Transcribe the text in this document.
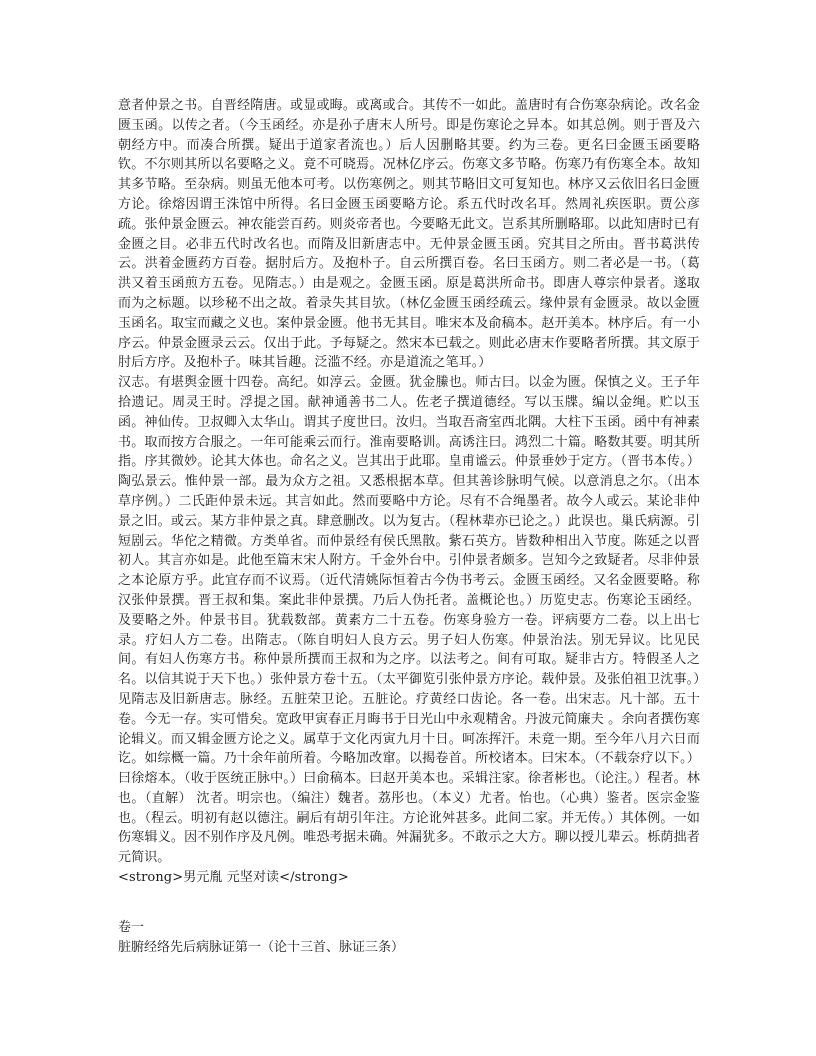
意者仲景之书。自晋经隋唐。或显或晦。或离或合。其传不一如此。盖唐时有合伤寒杂病论。改名金匮玉函。以传之者。（今玉函经。亦是孙子唐末人所号。即是伤寒论之异本。如其总例。则于晋及六朝经方中。而凑合所撰。疑出于道家者流也。）后人因删略其要。约为三卷。更名曰金匮玉函要略钦。不尔则其所以名要略之义。竟不可晓焉。况林亿序云。伤寒文多节略。伤寒乃有伤寒全本。故知其多节略。至杂病。则虽无他本可考。以伤寒例之。则其节略旧文可复知也。林序又云依旧名曰金匮方论。徐熔因谓王洙馆中所得。名曰金匮玉函要略方论。系五代时改名耳。然周礼疾医职。贾公彦疏。张仲景金匮云。神农能尝百药。则炎帝者也。今要略无此文。岂系其所删略耶。以此知唐时已有金匮之目。必非五代时改名也。而隋及旧新唐志中。无仲景金匮玉函。究其目之所由。晋书葛洪传云。洪着金匮药方百卷。据肘后方。及抱朴子。自云所撰百卷。名曰玉函方。则二者必是一书。（葛洪又着玉函煎方五卷。见隋志。）由是观之。金匮玉函。原是葛洪所命书。即唐人尊宗仲景者。遂取而为之标题。以珍秘不出之故。着录失其目欤。（林亿金匮玉函经疏云。缘仲景有金匮录。故以金匮玉函名。取宝而藏之义也。案仲景金匮。他书无其目。唯宋本及俞稿本。赵开美本。林序后。有一小序云。仲景金匮录云云。仅出于此。予每疑之。然宋本已载之。则此必唐末作要略者所撰。其文原于肘后方序。及抱朴子。味其旨趣。泛滥不经。亦是道流之笔耳。）

汉志。有堪舆金匮十四卷。高纪。如淳云。金匮。犹金縢也。师古曰。以金为匮。保慎之义。王子年拾遗记。周灵王时。浮提之国。献神通善书二人。佐老子撰道德经。写以玉牒。编以金绳。贮以玉函。神仙传。卫叔卿入太华山。谓其子度世曰。汝归。当取吾斋室西北隅。大柱下玉函。函中有神素书。取而按方合服之。一年可能乘云而行。淮南要略训。高诱注曰。鸿烈二十篇。略数其要。明其所指。序其微妙。论其大体也。命名之义。岂其出于此耶。皇甫谧云。仲景垂妙于定方。（晋书本传。）陶弘景云。惟仲景一部。最为众方之祖。又悉根据本草。但其善诊脉明气候。以意消息之尔。（出本草序例。）二氏距仲景未远。其言如此。然而要略中方论。尽有不合绳墨者。故今人或云。某论非仲景之旧。或云。某方非仲景之真。肆意删改。以为复古。（程林辈亦已论之。）此误也。巢氏病源。引短剧云。华佗之精微。方类单省。而仲景经有侯氏黑散。紫石英方。皆数种相出入节度。陈延之以晋初人。其言亦如是。此他至篇末宋人附方。千金外台中。引仲景者颇多。岂知今之致疑者。尽非仲景之本论原方乎。此宜存而不议焉。（近代清姚际恒着古今伪书考云。金匮玉函经。又名金匮要略。称汉张仲景撰。晋王叔和集。案此非仲景撰。乃后人伪托者。盖概论也。）历览史志。伤寒论玉函经。及要略之外。仲景书目。犹载数部。黄素方二十五卷。伤寒身验方一卷。评病要方二卷。以上出七录。疗妇人方二卷。出隋志。（陈自明妇人良方云。男子妇人伤寒。仲景治法。别无异议。比见民间。有妇人伤寒方书。称仲景所撰而王叔和为之序。以法考之。间有可取。疑非古方。特假圣人之名。以信其说于天下也。）张仲景方卷十五。（太平御览引张仲景方序论。载仲景。及张伯祖卫沈事。）见隋志及旧新唐志。脉经。五脏荣卫论。五脏论。疗黄经口齿论。各一卷。出宋志。凡十部。五十卷。今无一存。实可惜矣。宽政甲寅春正月晦书于日光山中永观精舍。丹波元简廉夫 。余向者撰伤寒论辑义。而又辑金匮方论之义。属草于文化丙寅九月十日。呵冻挥汗。未竟一期。至今年八月六日而讫。如综概一篇。乃十余年前所着。今略加改窜。以揭卷首。所校诸本。曰宋本。（不载奈疗以下。）曰徐熔本。（收于医统正脉中。）曰俞稿本。曰赵开美本也。采辑注家。徐者彬也。（论注。）程者。林也。（直解） 沈者。明宗也。（编注）魏者。荔彤也。（本义）尤者。怡也。（心典）鉴者。医宗金鉴也。（程云。明初有赵以德注。嗣后有胡引年注。方论讹舛甚多。此间二家。并无传。）其体例。一如伤寒辑义。因不别作序及凡例。唯恐考据未确。舛漏犹多。不敢示之大方。聊以授儿辈云。栎荫拙者元简识。

<strong>男元胤 元坚对读</strong>

卷一

脏腑经络先后病脉证第一（论十三首、脉证三条）
